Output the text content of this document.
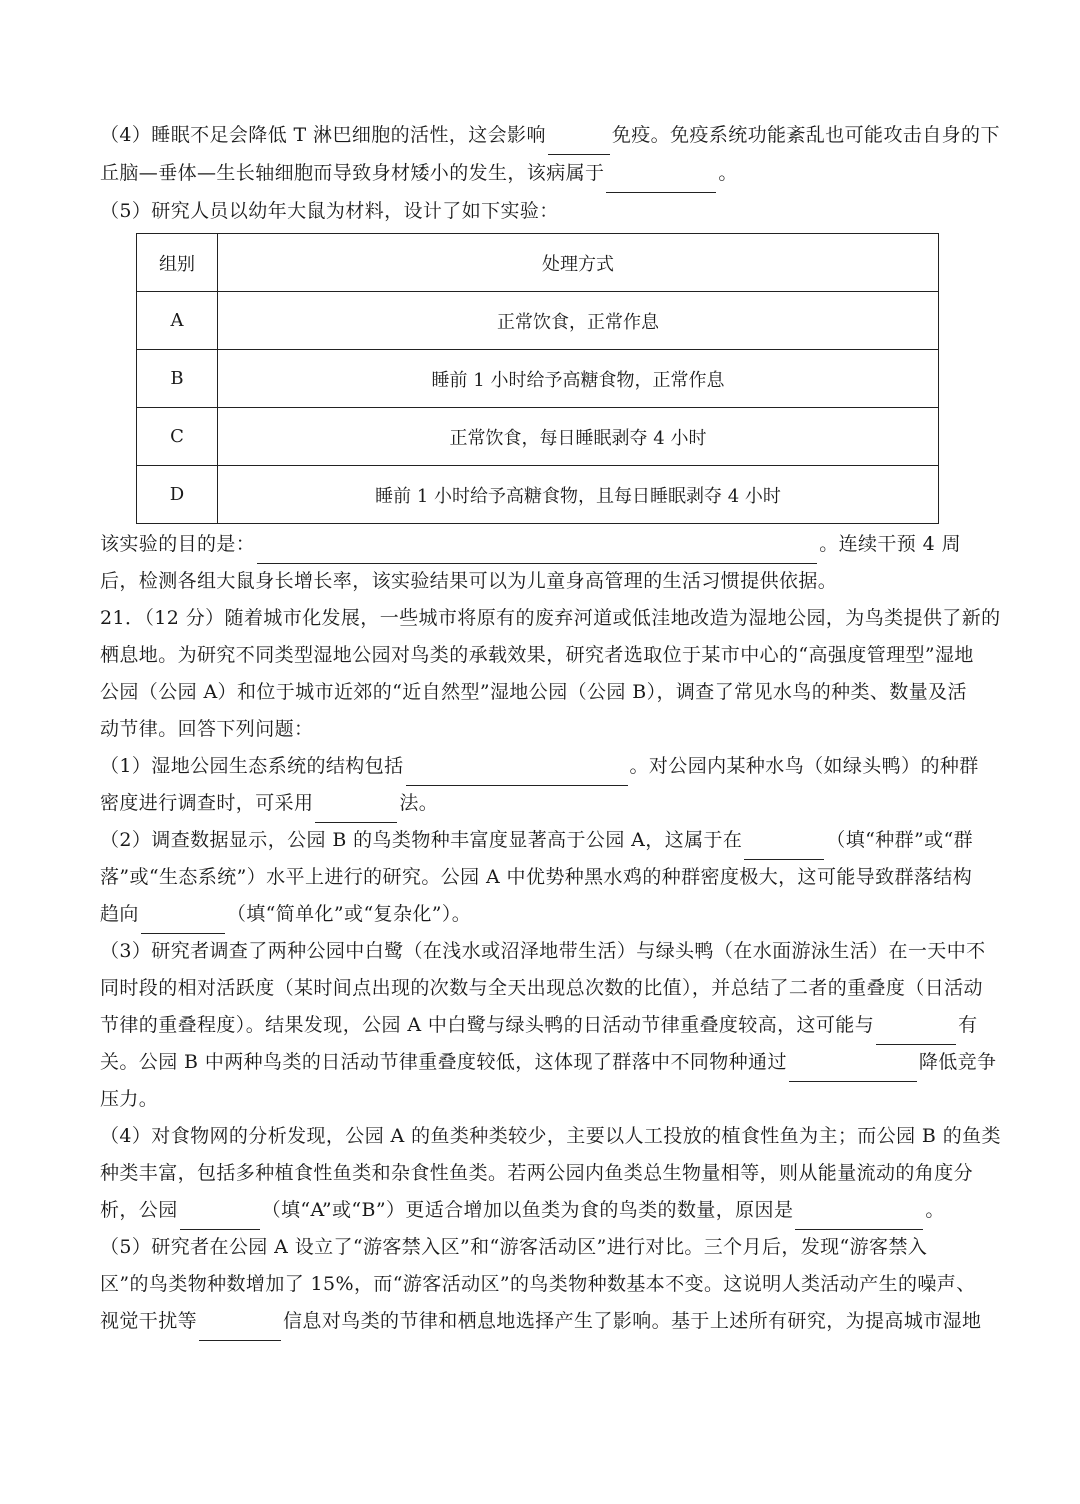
（4）睡眠不足会降低 T 淋巴细胞的活性，这会影响	免疫。免疫系统功能紊乱也可能攻击自身的下
丘脑—垂体—生长轴细胞而导致身材矮小的发生，该病属于	。
（5）研究人员以幼年大鼠为材料，设计了如下实验：
组别	处理方式
A	正常饮食，正常作息
B	睡前 1 小时给予高糖食物，正常作息
C	正常饮食，每日睡眠剥夺 4 小时
D	睡前 1 小时给予高糖食物，且每日睡眠剥夺 4 小时
该实验的目的是：	。连续干预 4 周
后，检测各组大鼠身长增长率，该实验结果可以为儿童身高管理的生活习惯提供依据。
21．（12 分）随着城市化发展，一些城市将原有的废弃河道或低洼地改造为湿地公园，为鸟类提供了新的
栖息地。为研究不同类型湿地公园对鸟类的承载效果，研究者选取位于某市中心的“高强度管理型”湿地
公园（公园 A）和位于城市近郊的“近自然型”湿地公园（公园 B），调查了常见水鸟的种类、数量及活
动节律。回答下列问题：
（1）湿地公园生态系统的结构包括	。对公园内某种水鸟（如绿头鸭）的种群
密度进行调查时，可采用	法。
（2）调查数据显示，公园 B 的鸟类物种丰富度显著高于公园 A，这属于在	（填“种群”或“群
落”或“生态系统”）水平上进行的研究。公园 A 中优势种黑水鸡的种群密度极大，这可能导致群落结构
趋向	（填“简单化”或“复杂化”）。
（3）研究者调查了两种公园中白鹭（在浅水或沼泽地带生活）与绿头鸭（在水面游泳生活）在一天中不
同时段的相对活跃度（某时间点出现的次数与全天出现总次数的比值），并总结了二者的重叠度（日活动
节律的重叠程度）。结果发现，公园 A 中白鹭与绿头鸭的日活动节律重叠度较高，这可能与	有
关。公园 B 中两种鸟类的日活动节律重叠度较低，这体现了群落中不同物种通过	降低竞争
压力。
（4）对食物网的分析发现，公园 A 的鱼类种类较少，主要以人工投放的植食性鱼为主；而公园 B 的鱼类
种类丰富，包括多种植食性鱼类和杂食性鱼类。若两公园内鱼类总生物量相等，则从能量流动的角度分
析，公园	（填“A”或“B”）更适合增加以鱼类为食的鸟类的数量，原因是	。
（5）研究者在公园 A 设立了“游客禁入区”和“游客活动区”进行对比。三个月后，发现“游客禁入
区”的鸟类物种数增加了 15%，而“游客活动区”的鸟类物种数基本不变。这说明人类活动产生的噪声、
视觉干扰等	信息对鸟类的节律和栖息地选择产生了影响。基于上述所有研究，为提高城市湿地
